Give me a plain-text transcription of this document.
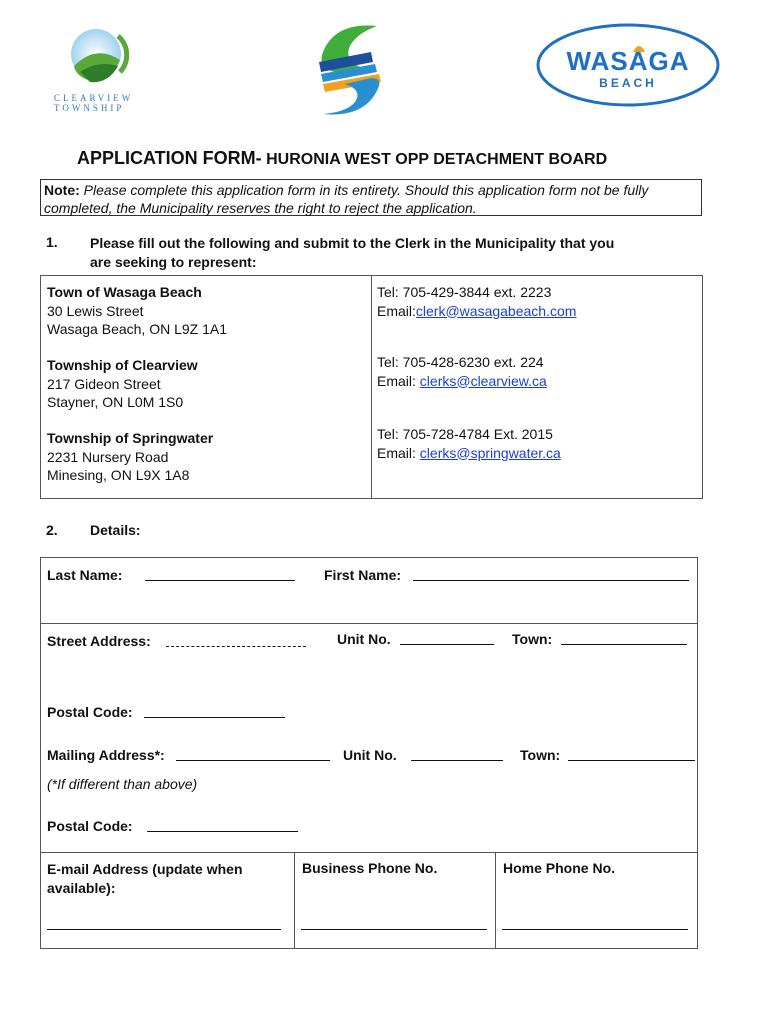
CLEARVIEW
TOWNSHIP
WASAGA
BEACH
APPLICATION FORM- HURONIA WEST OPP DETACHMENT BOARD
Note: Please complete this application form in its entirety. Should this application form not be fully completed, the Municipality reserves the right to reject the application.
1. Please fill out the following and submit to the Clerk in the Municipality that you
are seeking to represent:
Town of Wasaga Beach
30 Lewis Street
Wasaga Beach, ON L9Z 1A1
Tel: 705-429-3844 ext. 2223
Email:clerk@wasagabeach.com
Township of Clearview
217 Gideon Street
Stayner, ON L0M 1S0
Tel: 705-428-6230 ext. 224
Email: clerks@clearview.ca
Township of Springwater
2231 Nursery Road
Minesing, ON L9X 1A8
Tel: 705-728-4784 Ext. 2015
Email: clerks@springwater.ca
2. Details:
Last Name:	First Name:
Street Address:	Unit No.	Town:
Postal Code:
Mailing Address*:	Unit No.	Town:
(*If different than above)
Postal Code:
E-mail Address (update when
available):
Business Phone No.	Home Phone No.
